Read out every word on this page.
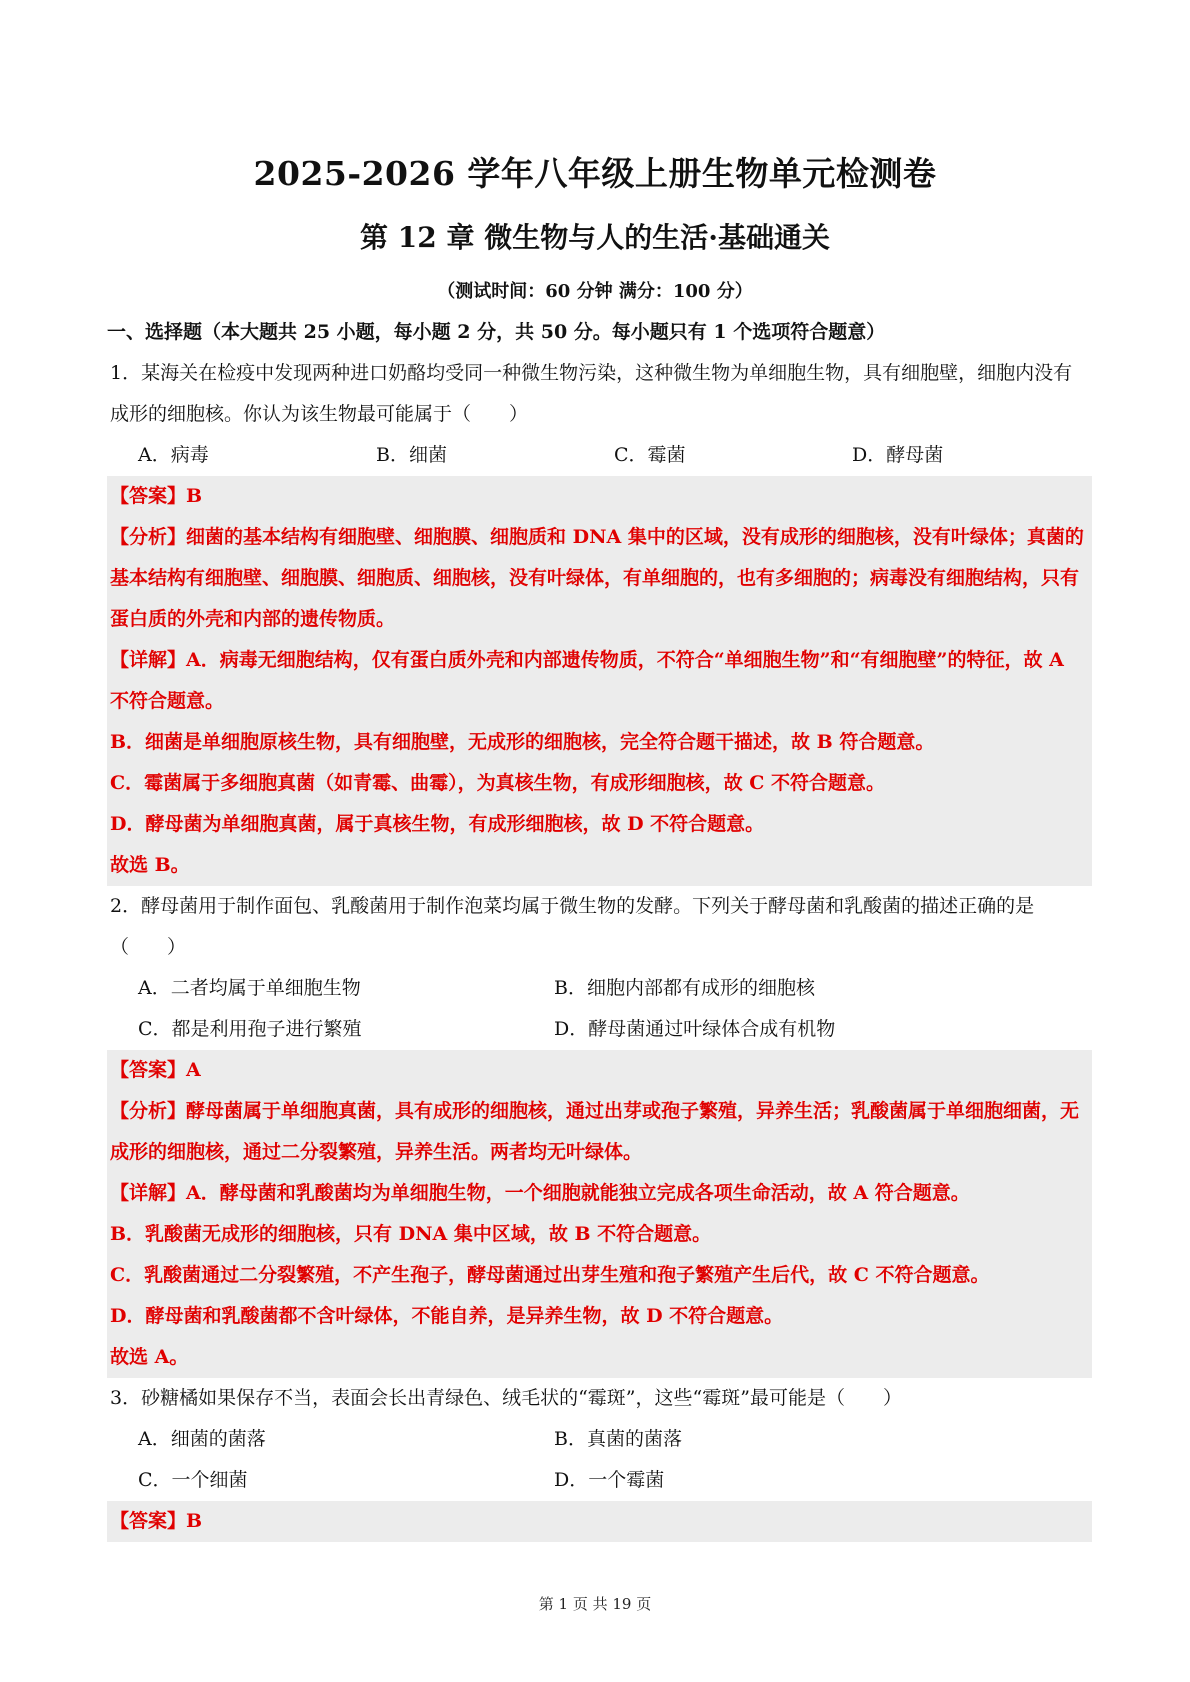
2025-2026 学年八年级上册生物单元检测卷
第 12 章 微生物与人的生活·基础通关
（测试时间：60 分钟 满分：100 分）
一、选择题（本大题共 25 小题，每小题 2 分，共 50 分。每小题只有 1 个选项符合题意）
1．某海关在检疫中发现两种进口奶酪均受同一种微生物污染，这种微生物为单细胞生物，具有细胞壁，细胞内没有成形的细胞核。你认为该生物最可能属于（　　）
A．病毒	B．细菌	C．霉菌	D．酵母菌
【答案】B
【分析】细菌的基本结构有细胞壁、细胞膜、细胞质和 DNA 集中的区域，没有成形的细胞核，没有叶绿体；真菌的基本结构有细胞壁、细胞膜、细胞质、细胞核，没有叶绿体，有单细胞的，也有多细胞的；病毒没有细胞结构，只有蛋白质的外壳和内部的遗传物质。
【详解】A．病毒无细胞结构，仅有蛋白质外壳和内部遗传物质，不符合“单细胞生物”和“有细胞壁”的特征，故 A 不符合题意。
B．细菌是单细胞原核生物，具有细胞壁，无成形的细胞核，完全符合题干描述，故 B 符合题意。
C．霉菌属于多细胞真菌（如青霉、曲霉），为真核生物，有成形细胞核，故 C 不符合题意。
D．酵母菌为单细胞真菌，属于真核生物，有成形细胞核，故 D 不符合题意。
故选 B。
2．酵母菌用于制作面包、乳酸菌用于制作泡菜均属于微生物的发酵。下列关于酵母菌和乳酸菌的描述正确的是（　　）
A．二者均属于单细胞生物	B．细胞内部都有成形的细胞核
C．都是利用孢子进行繁殖	D．酵母菌通过叶绿体合成有机物
【答案】A
【分析】酵母菌属于单细胞真菌，具有成形的细胞核，通过出芽或孢子繁殖，异养生活；乳酸菌属于单细胞细菌，无成形的细胞核，通过二分裂繁殖，异养生活。两者均无叶绿体。
【详解】A．酵母菌和乳酸菌均为单细胞生物，一个细胞就能独立完成各项生命活动，故 A 符合题意。
B．乳酸菌无成形的细胞核，只有 DNA 集中区域，故 B 不符合题意。
C．乳酸菌通过二分裂繁殖，不产生孢子，酵母菌通过出芽生殖和孢子繁殖产生后代，故 C 不符合题意。
D．酵母菌和乳酸菌都不含叶绿体，不能自养，是异养生物，故 D 不符合题意。
故选 A。
3．砂糖橘如果保存不当，表面会长出青绿色、绒毛状的“霉斑”，这些“霉斑”最可能是（　　）
A．细菌的菌落	B．真菌的菌落
C．一个细菌	D．一个霉菌
【答案】B
第 1 页 共 19 页
